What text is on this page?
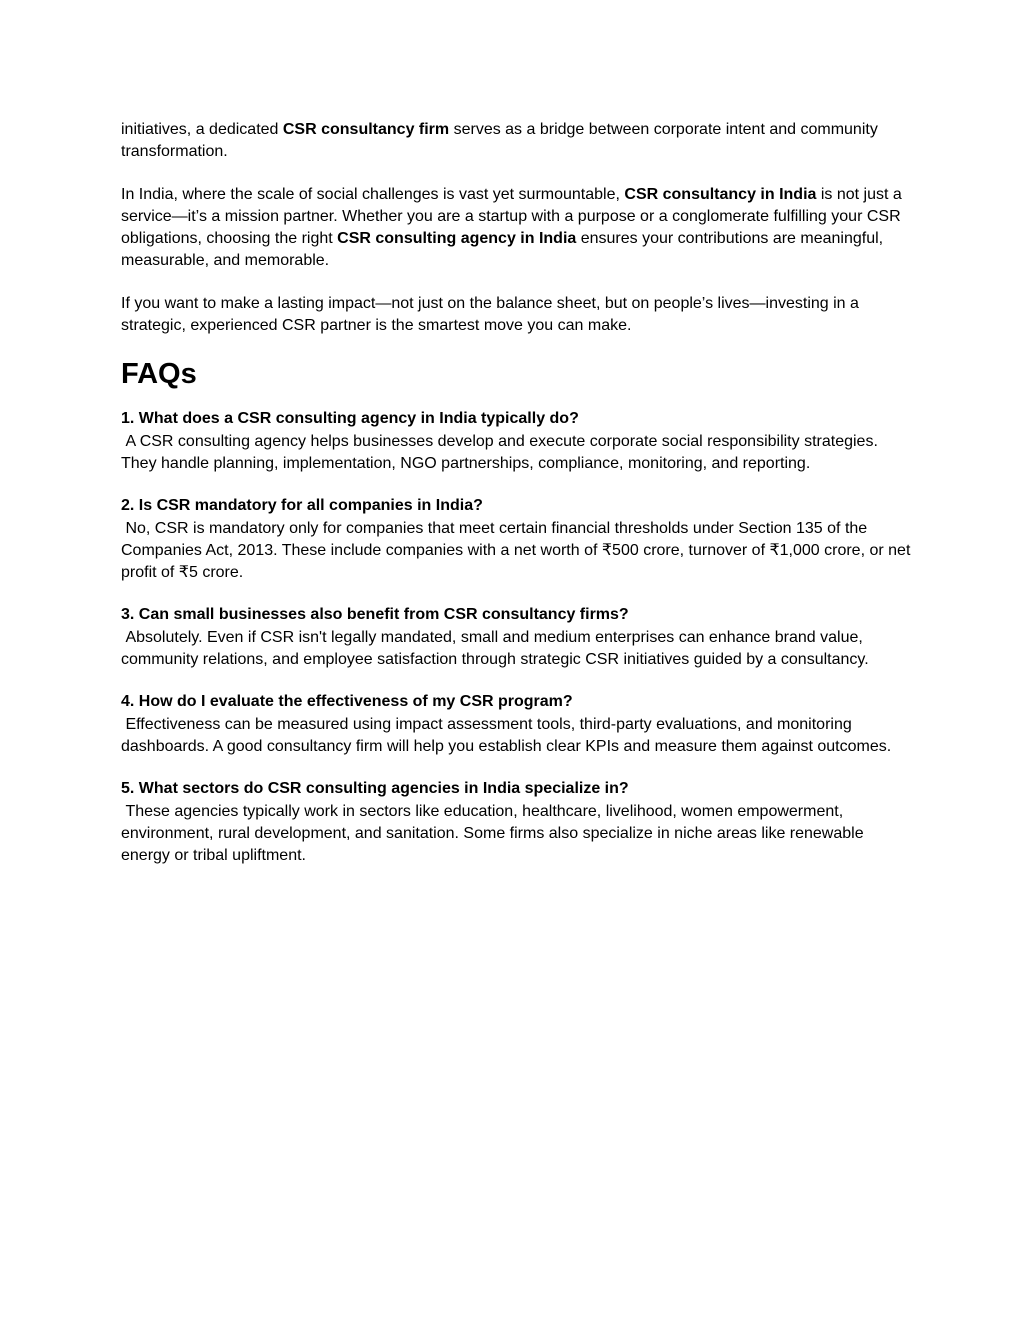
initiatives, a dedicated CSR consultancy firm serves as a bridge between corporate intent and community transformation.

In India, where the scale of social challenges is vast yet surmountable, CSR consultancy in India is not just a service—it’s a mission partner. Whether you are a startup with a purpose or a conglomerate fulfilling your CSR obligations, choosing the right CSR consulting agency in India ensures your contributions are meaningful, measurable, and memorable.

If you want to make a lasting impact—not just on the balance sheet, but on people’s lives—investing in a strategic, experienced CSR partner is the smartest move you can make.

FAQs

1. What does a CSR consulting agency in India typically do?

A CSR consulting agency helps businesses develop and execute corporate social responsibility strategies. They handle planning, implementation, NGO partnerships, compliance, monitoring, and reporting.

2. Is CSR mandatory for all companies in India?

No, CSR is mandatory only for companies that meet certain financial thresholds under Section 135 of the Companies Act, 2013. These include companies with a net worth of ₹500 crore, turnover of ₹1,000 crore, or net profit of ₹5 crore.

3. Can small businesses also benefit from CSR consultancy firms?

Absolutely. Even if CSR isn't legally mandated, small and medium enterprises can enhance brand value, community relations, and employee satisfaction through strategic CSR initiatives guided by a consultancy.

4. How do I evaluate the effectiveness of my CSR program?

Effectiveness can be measured using impact assessment tools, third-party evaluations, and monitoring dashboards. A good consultancy firm will help you establish clear KPIs and measure them against outcomes.

5. What sectors do CSR consulting agencies in India specialize in?

These agencies typically work in sectors like education, healthcare, livelihood, women empowerment, environment, rural development, and sanitation. Some firms also specialize in niche areas like renewable energy or tribal upliftment.
